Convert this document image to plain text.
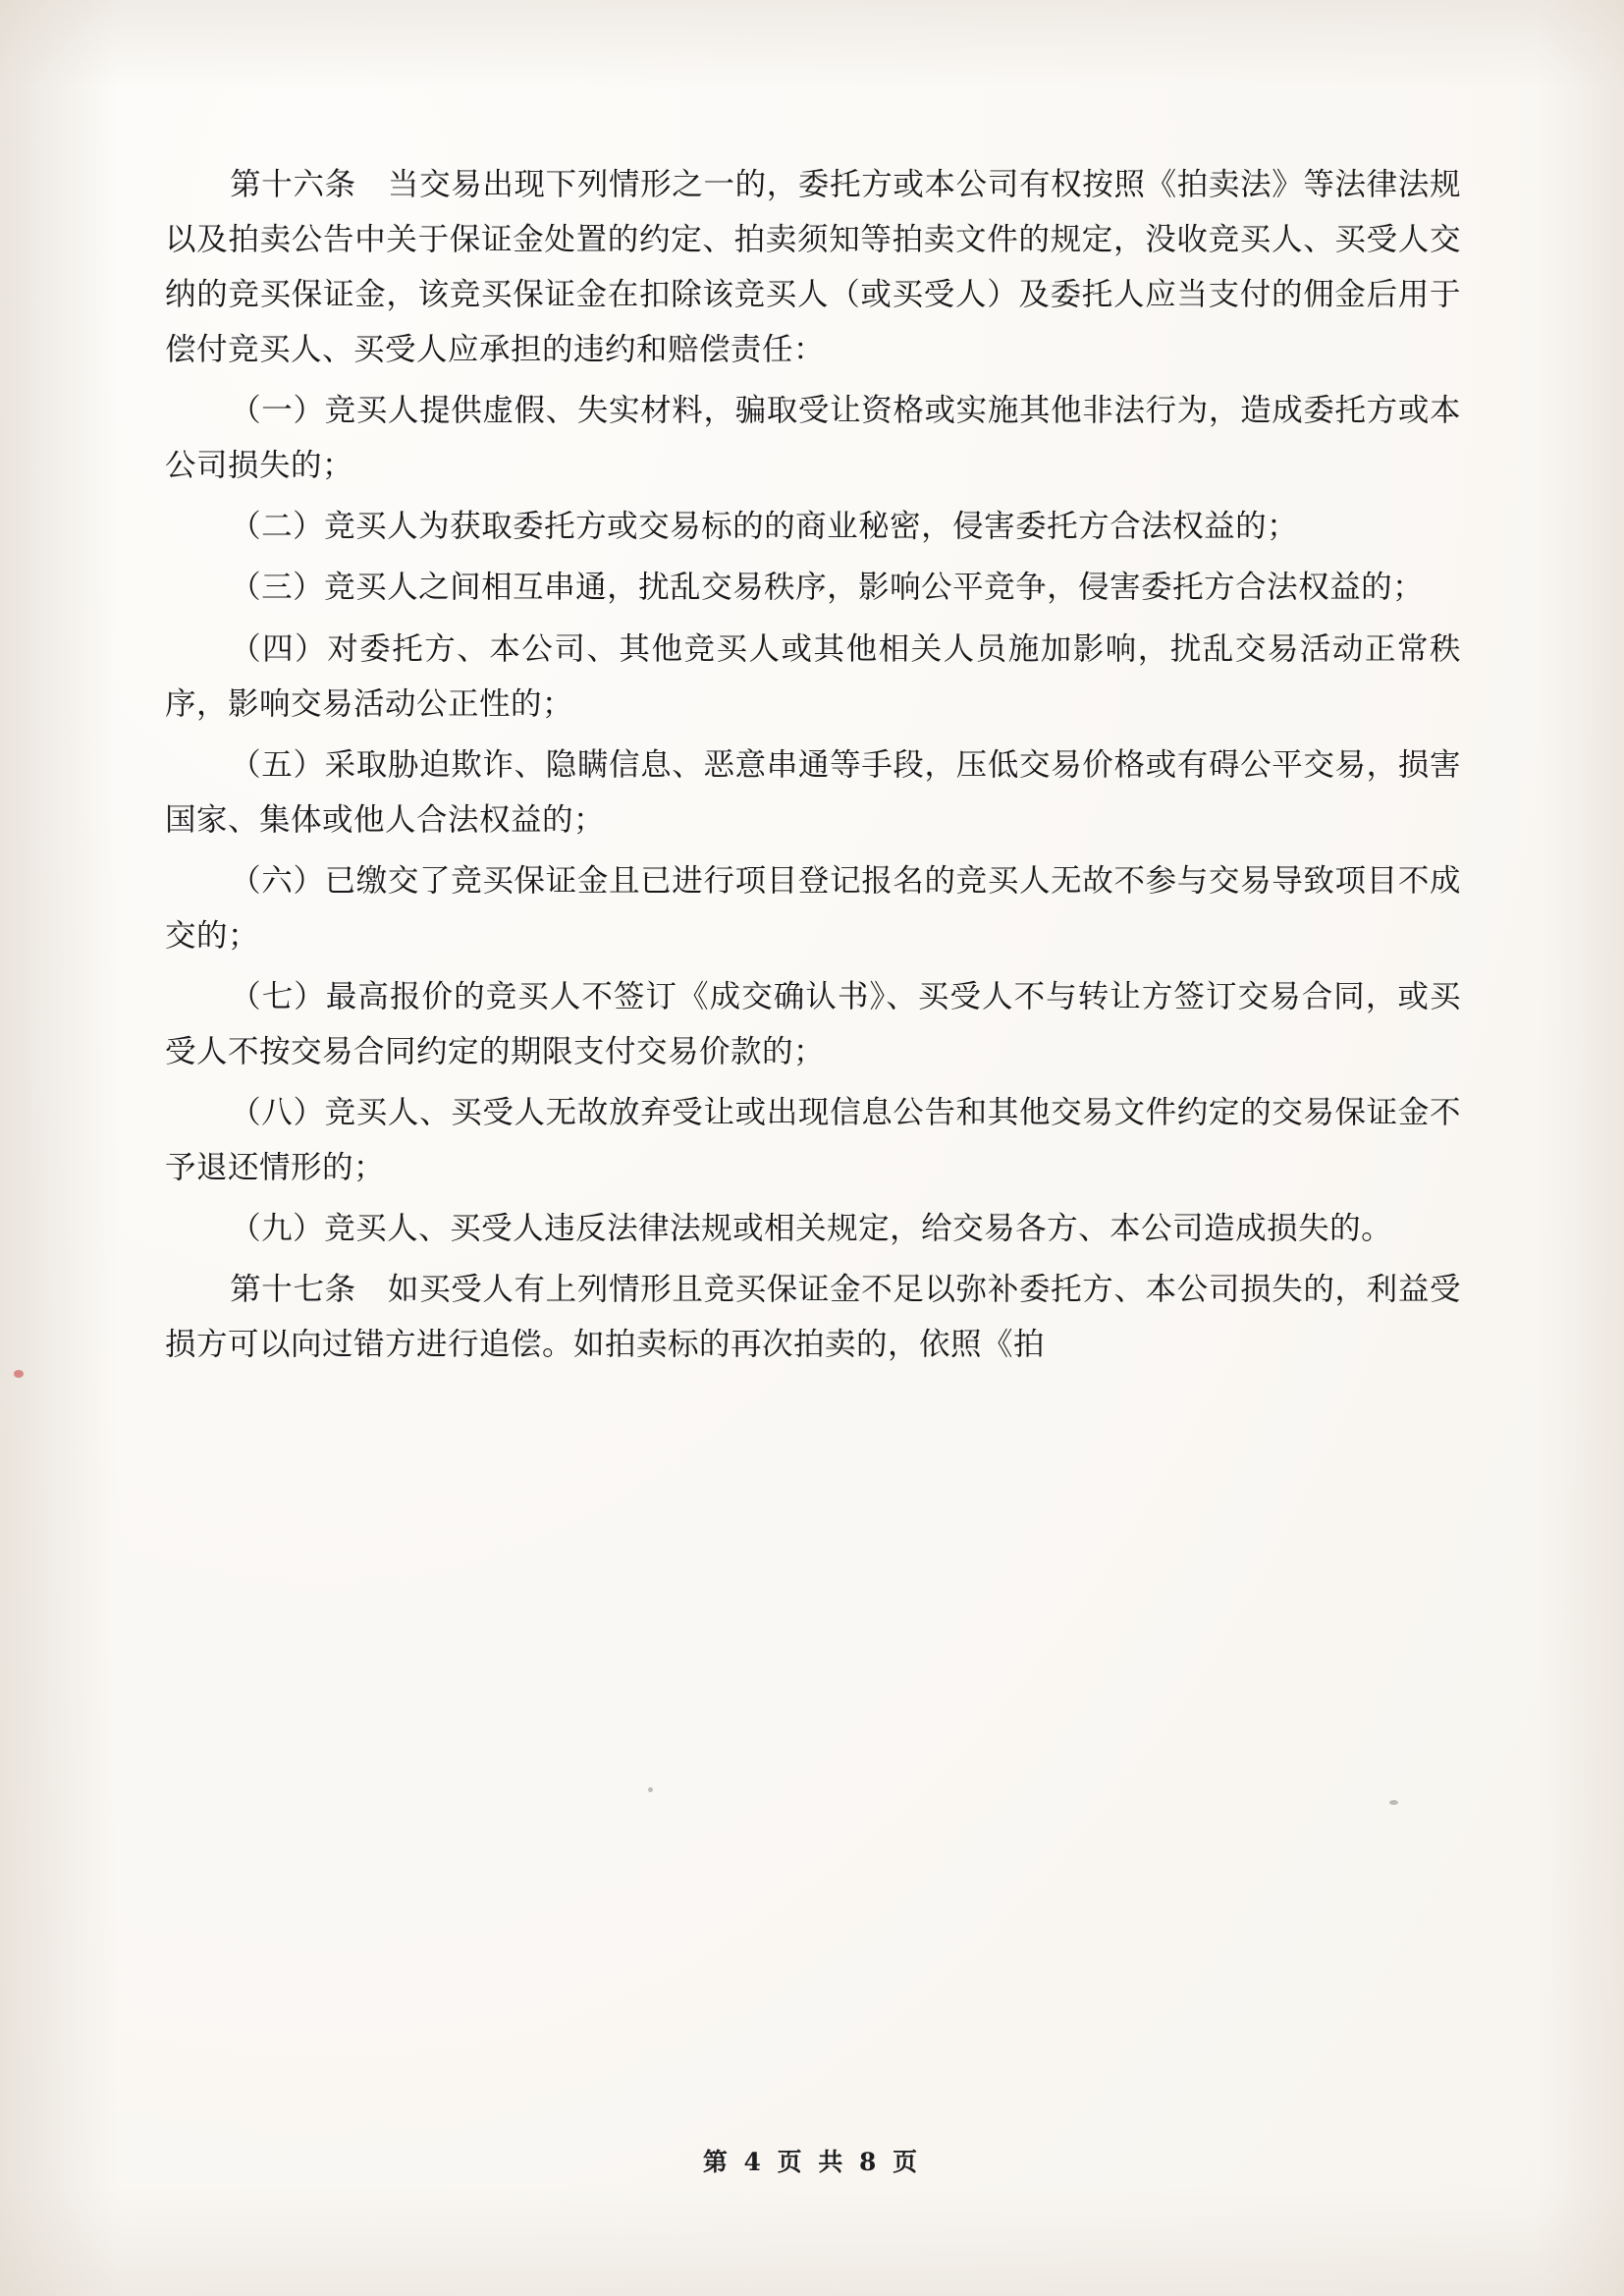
第十六条　当交易出现下列情形之一的，委托方或本公司有权按照《拍卖法》等法律法规以及拍卖公告中关于保证金处置的约定、拍卖须知等拍卖文件的规定，没收竞买人、买受人交纳的竞买保证金，该竞买保证金在扣除该竞买人（或买受人）及委托人应当支付的佣金后用于偿付竞买人、买受人应承担的违约和赔偿责任：

（一）竞买人提供虚假、失实材料，骗取受让资格或实施其他非法行为，造成委托方或本公司损失的；

（二）竞买人为获取委托方或交易标的的商业秘密，侵害委托方合法权益的；

（三）竞买人之间相互串通，扰乱交易秩序，影响公平竞争，侵害委托方合法权益的；

（四）对委托方、本公司、其他竞买人或其他相关人员施加影响，扰乱交易活动正常秩序，影响交易活动公正性的；

（五）采取胁迫欺诈、隐瞒信息、恶意串通等手段，压低交易价格或有碍公平交易，损害国家、集体或他人合法权益的；

（六）已缴交了竞买保证金且已进行项目登记报名的竞买人无故不参与交易导致项目不成交的；

（七）最高报价的竞买人不签订《成交确认书》、买受人不与转让方签订交易合同，或买受人不按交易合同约定的期限支付交易价款的；

（八）竞买人、买受人无故放弃受让或出现信息公告和其他交易文件约定的交易保证金不予退还情形的；

（九）竞买人、买受人违反法律法规或相关规定，给交易各方、本公司造成损失的。

第十七条　如买受人有上列情形且竞买保证金不足以弥补委托方、本公司损失的，利益受损方可以向过错方进行追偿。如拍卖标的再次拍卖的，依照《拍

第 4 页 共 8 页
